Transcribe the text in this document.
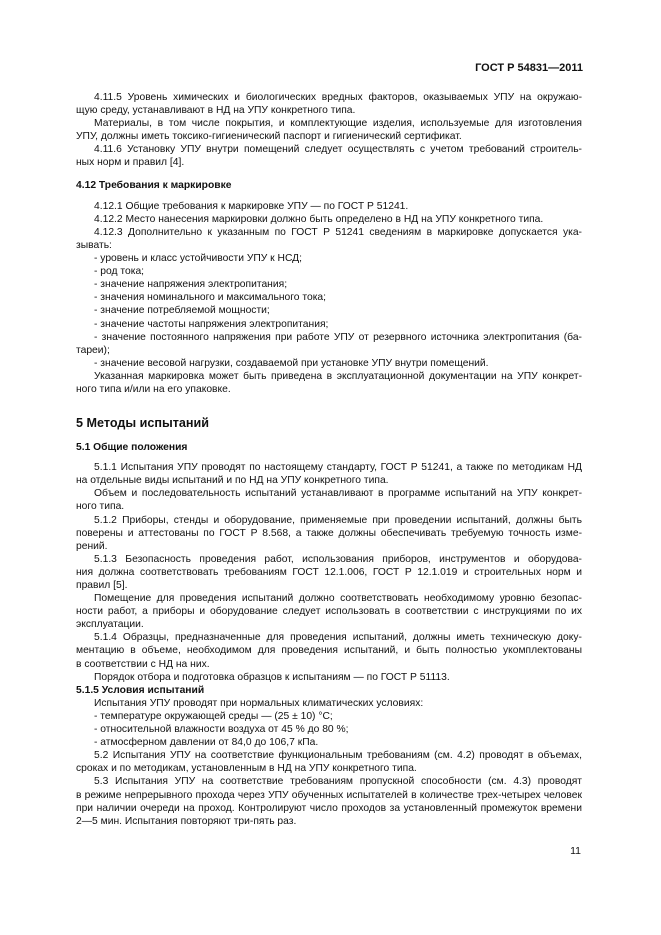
ГОСТ Р 54831—2011
4.11.5 Уровень химических и биологических вредных факторов, оказываемых УПУ на окружаю-
щую среду, устанавливают в НД на УПУ конкретного типа.
Материалы, в том числе покрытия, и комплектующие изделия, используемые для изготовления
УПУ, должны иметь токсико-гигиенический паспорт и гигиенический сертификат.
4.11.6 Установку УПУ внутри помещений следует осуществлять с учетом требований строитель-
ных норм и правил [4].
4.12 Требования к маркировке
4.12.1 Общие требования к маркировке УПУ — по ГОСТ Р 51241.
4.12.2 Место нанесения маркировки должно быть определено в НД на УПУ конкретного типа.
4.12.3 Дополнительно к указанным по ГОСТ Р 51241 сведениям в маркировке допускается ука-
зывать:
- уровень и класс устойчивости УПУ к НСД;
- род тока;
- значение напряжения электропитания;
- значения номинального и максимального тока;
- значение потребляемой мощности;
- значение частоты напряжения электропитания;
- значение постоянного напряжения при работе УПУ от резервного источника электропитания (ба-
тареи);
- значение весовой нагрузки, создаваемой при установке УПУ внутри помещений.
Указанная маркировка может быть приведена в эксплуатационной документации на УПУ конкрет-
ного типа и/или на его упаковке.
5 Методы испытаний
5.1 Общие положения
5.1.1 Испытания УПУ проводят по настоящему стандарту, ГОСТ Р 51241, а также по методикам НД
на отдельные виды испытаний и по НД на УПУ конкретного типа.
Объем и последовательность испытаний устанавливают в программе испытаний на УПУ конкрет-
ного типа.
5.1.2 Приборы, стенды и оборудование, применяемые при проведении испытаний, должны быть
поверены и аттестованы по ГОСТ Р 8.568, а также должны обеспечивать требуемую точность изме-
рений.
5.1.3 Безопасность проведения работ, использования приборов, инструментов и оборудова-
ния должна соответствовать требованиям ГОСТ 12.1.006, ГОСТ Р 12.1.019 и строительных норм и
правил [5].
Помещение для проведения испытаний должно соответствовать необходимому уровню безопас-
ности работ, а приборы и оборудование следует использовать в соответствии с инструкциями по их
эксплуатации.
5.1.4 Образцы, предназначенные для проведения испытаний, должны иметь техническую доку-
ментацию в объеме, необходимом для проведения испытаний, и быть полностью укомплектованы
в соответствии с НД на них.
Порядок отбора и подготовка образцов к испытаниям — по ГОСТ Р 51113.
5.1.5 Условия испытаний
Испытания УПУ проводят при нормальных климатических условиях:
- температуре окружающей среды — (25 ± 10) °С;
- относительной влажности воздуха от 45 % до 80 %;
- атмосферном давлении от 84,0 до 106,7 кПа.
5.2 Испытания УПУ на соответствие функциональным требованиям (см. 4.2) проводят в объемах,
сроках и по методикам, установленным в НД на УПУ конкретного типа.
5.3 Испытания УПУ на соответствие требованиям пропускной способности (см. 4.3) проводят
в режиме непрерывного прохода через УПУ обученных испытателей в количестве трех-четырех человек
при наличии очереди на проход. Контролируют число проходов за установленный промежуток времени
2—5 мин. Испытания повторяют три-пять раз.
11
